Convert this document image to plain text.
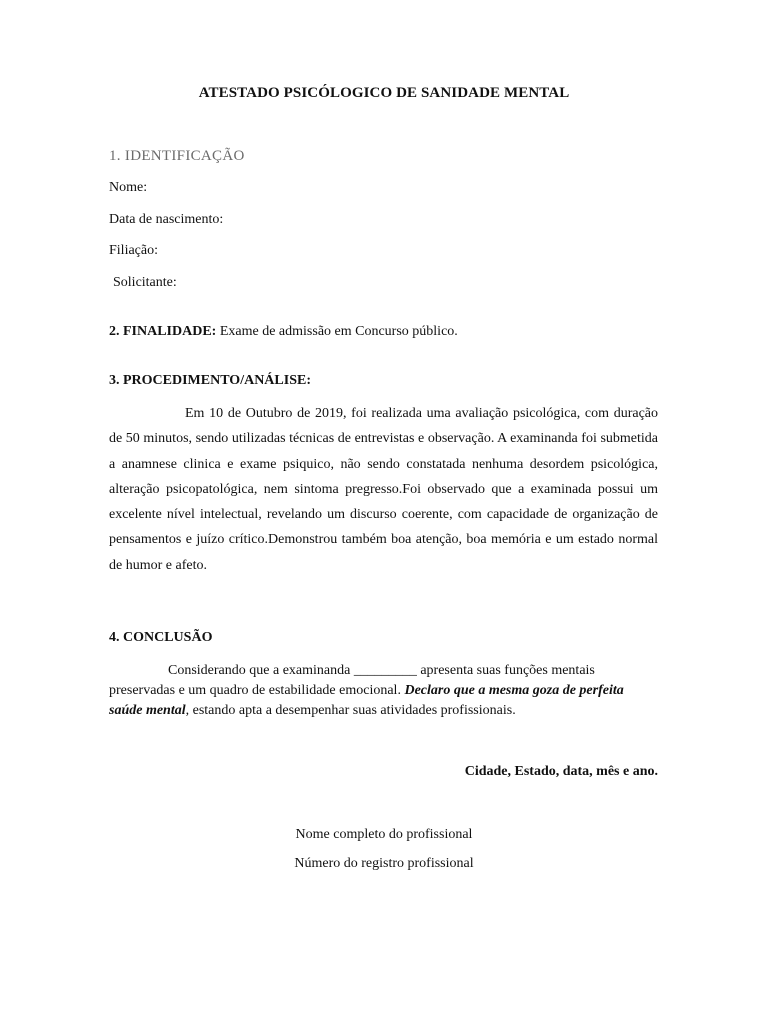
ATESTADO PSICÓLOGICO DE SANIDADE MENTAL

1. IDENTIFICAÇÃO

Nome:

Data de nascimento:

Filiação:

Solicitante:

2. FINALIDADE: Exame de admissão em Concurso público.

3. PROCEDIMENTO/ANÁLISE:

Em 10 de Outubro de 2019, foi realizada uma avaliação psicológica, com duração de 50 minutos, sendo utilizadas técnicas de entrevistas e observação. A examinanda foi submetida a anamnese clinica e exame psiquico, não sendo constatada nenhuma desordem psicológica, alteração psicopatológica, nem sintoma pregresso.Foi observado que a examinada possui um excelente nível intelectual, revelando um discurso coerente, com capacidade de organização de pensamentos e juízo crítico.Demonstrou também boa atenção, boa memória e um estado normal de humor e afeto.

4. CONCLUSÃO

Considerando que a examinanda _________ apresenta suas funções mentais preservadas e um quadro de estabilidade emocional. Declaro que a mesma goza de perfeita saúde mental, estando apta a desempenhar suas atividades profissionais.

Cidade, Estado, data, mês e ano.

Nome completo do profissional

Número do registro profissional
